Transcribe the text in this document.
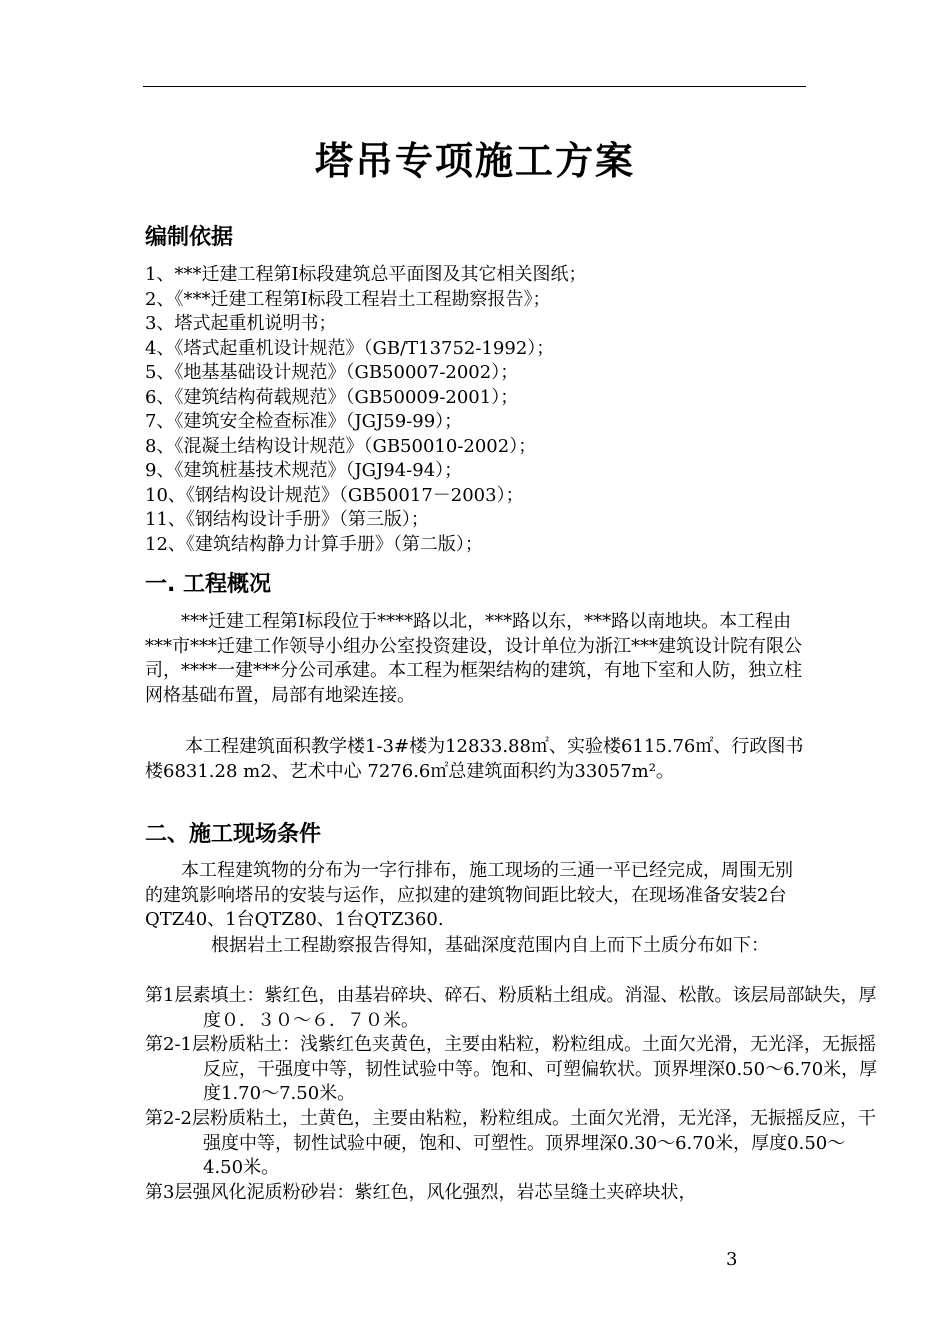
塔吊专项施工方案
编制依据
1、***迁建工程第Ⅰ标段建筑总平面图及其它相关图纸；
2、《***迁建工程第Ⅰ标段工程岩土工程勘察报告》；
3、塔式起重机说明书；
4、《塔式起重机设计规范》（GB/T13752-1992）；
5、《地基基础设计规范》（GB50007-2002）；
6、《建筑结构荷载规范》（GB50009-2001）；
7、《建筑安全检查标准》（JGJ59-99）；
8、《混凝土结构设计规范》（GB50010-2002）；
9、《建筑桩基技术规范》（JGJ94-94）；
10、《钢结构设计规范》（GB50017－2003）；
11、《钢结构设计手册》（第三版）；
12、《建筑结构静力计算手册》（第二版）；
一. 工程概况

***迁建工程第Ⅰ标段位于****路以北，***路以东，***路以南地块。本工程由***市***迁建工作领导小组办公室投资建设，设计单位为浙江***建筑设计院有限公司，****一建***分公司承建。本工程为框架结构的建筑，有地下室和人防，独立柱网格基础布置，局部有地梁连接。

本工程建筑面积教学楼1-3#楼为12833.88㎡、实验楼6115.76㎡、行政图书楼6831.28 m2、艺术中心 7276.6㎡总建筑面积约为33057m²。

二、施工现场条件

本工程建筑物的分布为一字行排布，施工现场的三通一平已经完成，周围无别的建筑影响塔吊的安装与运作，应拟建的建筑物间距比较大，在现场准备安装2台QTZ40、1台QTZ80、1台QTZ360.

根据岩土工程勘察报告得知，基础深度范围内自上而下土质分布如下：

第1层素填土：紫红色，由基岩碎块、碎石、粉质粘土组成。消湿、松散。该层局部缺失，厚度０．３０～６．７０米。

第2-1层粉质粘土：浅紫红色夹黄色，主要由粘粒，粉粒组成。土面欠光滑，无光泽，无振摇反应，干强度中等，韧性试验中等。饱和、可塑偏软状。顶界埋深0.50～6.70米，厚度1.70～7.50米。

第2-2层粉质粘土，土黄色，主要由粘粒，粉粒组成。土面欠光滑，无光泽，无振摇反应，干强度中等，韧性试验中硬，饱和、可塑性。顶界埋深0.30～6.70米，厚度0.50～4.50米。

第3层强风化泥质粉砂岩：紫红色，风化强烈，岩芯呈缝土夹碎块状，

3
